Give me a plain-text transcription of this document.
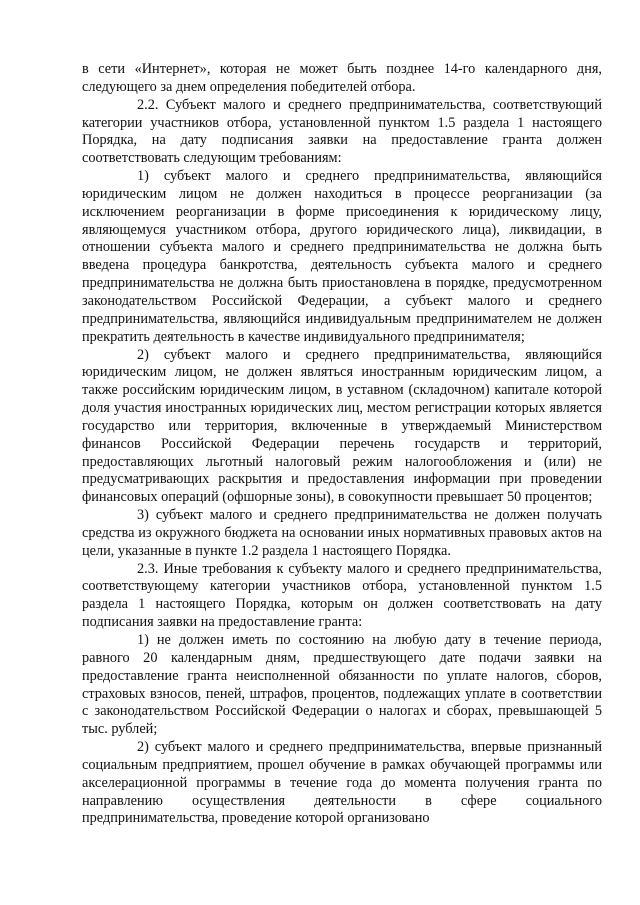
в сети «Интернет», которая не может быть позднее 14-го календарного дня, следующего за днем определения победителей отбора.

2.2. Субъект малого и среднего предпринимательства, соответствующий категории участников отбора, установленной пунктом 1.5 раздела 1 настоящего Порядка, на дату подписания заявки на предоставление гранта должен соответствовать следующим требованиям:

1) субъект малого и среднего предпринимательства, являющийся юридическим лицом не должен находиться в процессе реорганизации (за исключением реорганизации в форме присоединения к юридическому лицу, являющемуся участником отбора, другого юридического лица), ликвидации, в отношении субъекта малого и среднего предпринимательства не должна быть введена процедура банкротства, деятельность субъекта малого и среднего предпринимательства не должна быть приостановлена в порядке, предусмотренном законодательством Российской Федерации, а субъект малого и среднего предпринимательства, являющийся индивидуальным предпринимателем не должен прекратить деятельность в качестве индивидуального предпринимателя;

2) субъект малого и среднего предпринимательства, являющийся юридическим лицом, не должен являться иностранным юридическим лицом, а также российским юридическим лицом, в уставном (складочном) капитале которой доля участия иностранных юридических лиц, местом регистрации которых является государство или территория, включенные в утверждаемый Министерством финансов Российской Федерации перечень государств и территорий, предоставляющих льготный налоговый режим налогообложения и (или) не предусматривающих раскрытия и предоставления информации при проведении финансовых операций (офшорные зоны), в совокупности превышает 50 процентов;

3) субъект малого и среднего предпринимательства не должен получать средства из окружного бюджета на основании иных нормативных правовых актов на цели, указанные в пункте 1.2 раздела 1 настоящего Порядка.

2.3. Иные требования к субъекту малого и среднего предпринимательства, соответствующему категории участников отбора, установленной пунктом 1.5 раздела 1 настоящего Порядка, которым он должен соответствовать на дату подписания заявки на предоставление гранта:

1) не должен иметь по состоянию на любую дату в течение периода, равного 20 календарным дням, предшествующего дате подачи заявки на предоставление гранта неисполненной обязанности по уплате налогов, сборов, страховых взносов, пеней, штрафов, процентов, подлежащих уплате в соответствии с законодательством Российской Федерации о налогах и сборах, превышающей 5 тыс. рублей;

2) субъект малого и среднего предпринимательства, впервые признанный социальным предприятием, прошел обучение в рамках обучающей программы или акселерационной программы в течение года до момента получения гранта по направлению осуществления деятельности в сфере социального предпринимательства, проведение которой организовано
